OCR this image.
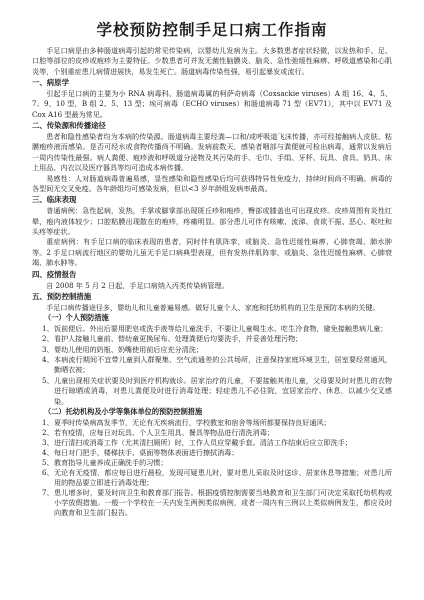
学校预防控制手足口病工作指南

手足口病是由多种肠道病毒引起的常见传染病，以婴幼儿发病为主。大多数患者症状轻微，以发热和手、足、口腔等部位的皮疹或疱疹为主要特征。少数患者可并发无菌性脑膜炎、脑炎、急性弛缓性麻痹、呼吸道感染和心肌炎等，个别重症患儿病情进展快，易发生死亡。肠道病毒传染性强，易引起暴发或流行。

一、病原学

引起手足口病的主要为小 RNA 病毒科、肠道病毒属的柯萨奇病毒（Coxsackie viruses）A 组 16、4、5、7、9、10 型，B 组 2、5、13 型；埃可病毒（ECHO viruses）和肠道病毒 71 型（EV71），其中以 EV71 及 Cox A16 型最为常见。

二、传染源和传播途径

患者和隐性感染者均为本病的传染源。肠道病毒主要经粪—口和/或呼吸道飞沫传播，亦可经接触病人皮肤、粘膜疱疹液而感染。是否可经水或食物传播尚不明确。发病前数天，感染者咽部与粪便就可检出病毒，通常以发病后一周内传染性最强。病人粪便、疱疹液和呼吸道分泌物及其污染的手、毛巾、手绢、牙杯、玩具、食具、奶具、床上用品、内衣以及医疗器具等均可造成本病传播。

易感性：人对肠道病毒普遍易感，显性感染和隐性感染后均可获得特异性免疫力，持续时间尚不明确。病毒的各型间无交叉免疫。各年龄组均可感染发病，但以<3 岁年龄组发病率最高。

三、临床表现

普通病例：急性起病，发热，手掌或脚掌部出现斑丘疹和疱疹，臀部或膝盖也可出现皮疹。皮疹周围有炎性红晕，疱内液体较少；口腔粘膜出现散在的疱疹，疼痛明显。部分患儿可伴有咳嗽、流涕、食欲不振、恶心、呕吐和头疼等症状。

重症病例：有手足口病的临床表现的患者，同时伴有肌阵挛，或脑炎、急性迟缓性麻痹、心肺衰竭、肺水肿等。2 手足口病流行地区的婴幼儿虽无手足口病典型表现，但有发热伴肌阵挛，或脑炎、急性迟缓性麻痹、心肺衰竭、肺水肿等。

四、疫情报告

自 2008 年 5 月 2 日起，手足口病纳入丙类传染病管理。

五、预防控制措施

手足口病传播途径多，婴幼儿和儿童普遍易感。做好儿童个人、家庭和托幼机构的卫生是预防本病的关键。

（一）个人预防措施
1、 饭前便后、外出后要用肥皂或洗手液等给儿童洗手，不要让儿童喝生水、吃生冷食物，避免接触患病儿童；
2、 看护人接触儿童前、替幼童更换尿布、处理粪便后均要洗手，并妥善处理污物；
3、 婴幼儿使用的奶瓶、奶嘴使用前后应充分清洗；
4、 本病流行期间不宜带儿童到人群聚集、空气流通差的公共场所，注意保持家庭环境卫生，居室要经常通风，勤晒衣被；
5、 儿童出现相关症状要及时到医疗机构就诊。居家治疗的儿童，不要接触其他儿童，父母要及时对患儿的衣物进行晾晒或消毒，对患儿粪便及时进行消毒处理；轻症患儿不必住院，宜居家治疗、休息，以减少交叉感染。
（二）托幼机构及小学等集体单位的预防控制措施
1、 夏季时传染病高发季节，无论有无疾病流行，学校教室和宿舍等场所都要保持良好通风；
2、 若有疫情，应每日对玩具、个人卫生用具、餐具等物品进行清洗消毒；
3、 进行清扫或消毒工作（尤其清扫厕所）时，工作人员应穿戴手套。清洁工作结束后应立即洗手；
4、 每日对门把手、楼梯扶手、桌面等物体表面进行擦拭消毒；
5、 教育指导儿童养成正确洗手的习惯；
6、 无论有无疫情，都应每日进行晨检，发现可疑患儿时，要对患儿采取及时送诊、居家休息等措施；对患儿所用的物品要立即进行消毒处理；
7、 患儿增多时，要及时向卫生和教育部门报告。根据疫情控制需要当地教育和卫生部门可决定采取托幼机构或小学放假措施。一般一个学校在一天内发生两例类似病例，或者一周内有三例以上类似病例发生，都应及时向教育和卫生部门报告。
